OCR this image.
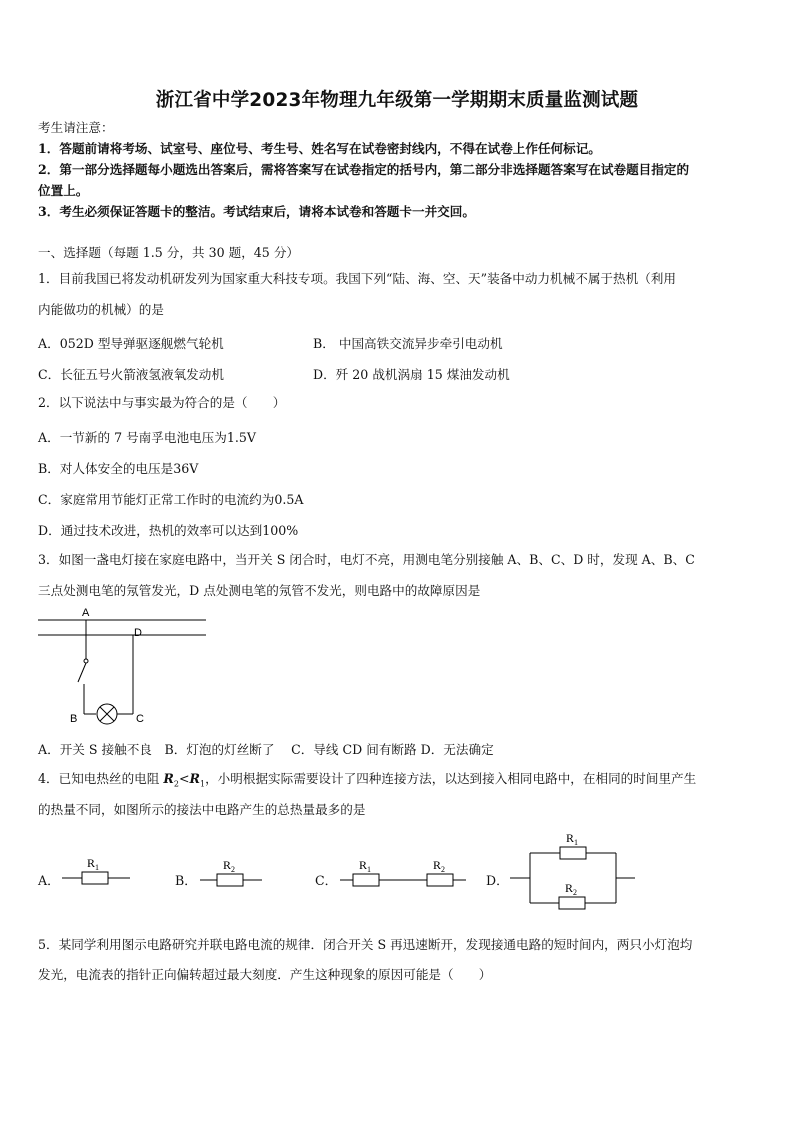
浙江省中学2023年物理九年级第一学期期末质量监测试题
考生请注意：
1．答题前请将考场、试室号、座位号、考生号、姓名写在试卷密封线内，不得在试卷上作任何标记。
2．第一部分选择题每小题选出答案后，需将答案写在试卷指定的括号内，第二部分非选择题答案写在试卷题目指定的
位置上。
3．考生必须保证答题卡的整洁。考试结束后，请将本试卷和答题卡一并交回。
一、选择题（每题 1.5 分，共 30 题，45 分）
1．目前我国已将发动机研发列为国家重大科技专项。我国下列“陆、海、空、天”装备中动力机械不属于热机（利用
内能做功的机械）的是
A．052D 型导弹驱逐舰燃气轮机	B． 中国高铁交流异步牵引电动机
C．长征五号火箭液氢液氧发动机	D．歼 20 战机涡扇 15 煤油发动机
2．以下说法中与事实最为符合的是（　　）
A．一节新的 7 号南孚电池电压为1.5V
B．对人体安全的电压是36V
C．家庭常用节能灯正常工作时的电流约为0.5A
D．通过技术改进，热机的效率可以达到100%
3．如图一盏电灯接在家庭电路中，当开关 S 闭合时，电灯不亮，用测电笔分别接触 A、B、C、D 时，发现 A、B、C
三点处测电笔的氖管发光，D 点处测电笔的氖管不发光，则电路中的故障原因是
A
D
B	C
A．开关 S 接触不良　B．灯泡的灯丝断了　 C．导线 CD 间有断路 D．无法确定
4．已知电热丝的电阻 $R_2<R_1$，小明根据实际需要设计了四种连接方法，以达到接入相同电路中，在相同的时间里产生
的热量不同，如图所示的接法中电路产生的总热量最多的是
A．	B．	C．	D．
$R_1$	$R_2$	$R_1$	$R_2$
$R_1$
$R_2$
5．某同学利用图示电路研究并联电路电流的规律．闭合开关 S 再迅速断开，发现接通电路的短时间内，两只小灯泡均
发光，电流表的指针正向偏转超过最大刻度．产生这种现象的原因可能是（　　）
